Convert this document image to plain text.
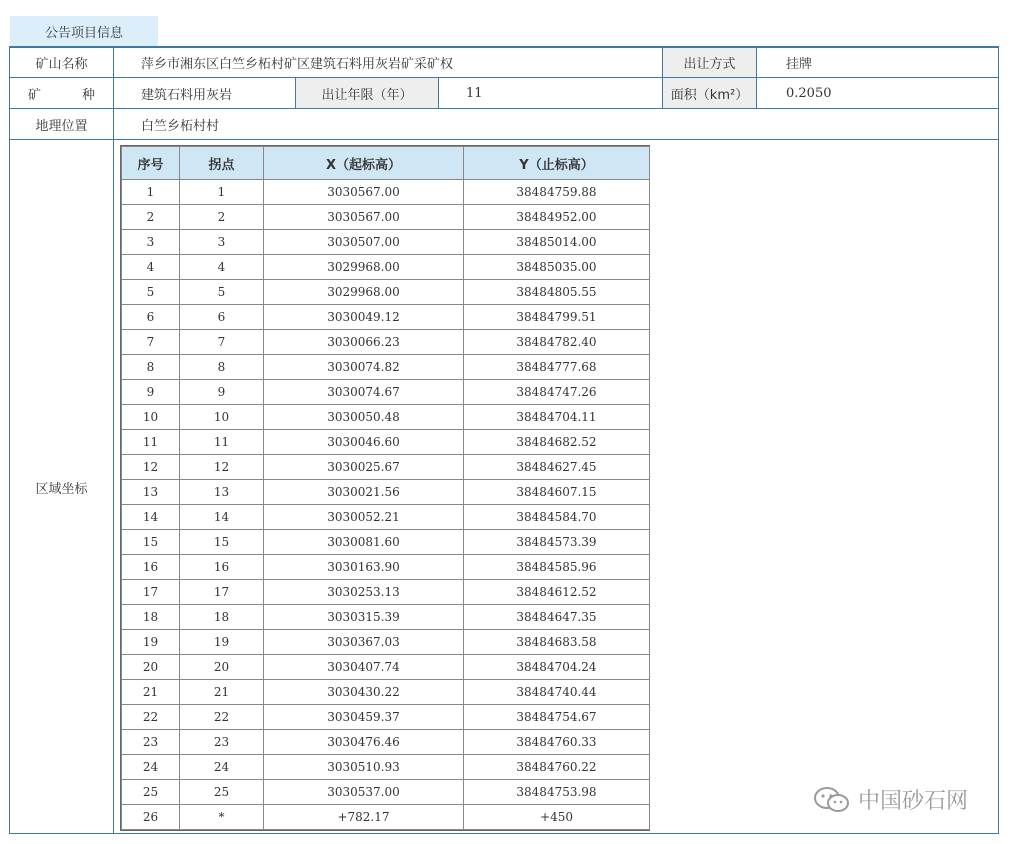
公告项目信息
矿山名称	萍乡市湘东区白竺乡柘村矿区建筑石料用灰岩矿采矿权	出让方式	挂牌
矿	种	建筑石料用灰岩	出让年限（年）	11	面积（km²）	0.2050
地理位置	白竺乡柘村村
区域坐标
序号	拐点	X（起标高）	Y（止标高）
1	1	3030567.00	38484759.88
2	2	3030567.00	38484952.00
3	3	3030507.00	38485014.00
4	4	3029968.00	38485035.00
5	5	3029968.00	38484805.55
6	6	3030049.12	38484799.51
7	7	3030066.23	38484782.40
8	8	3030074.82	38484777.68
9	9	3030074.67	38484747.26
10	10	3030050.48	38484704.11
11	11	3030046.60	38484682.52
12	12	3030025.67	38484627.45
13	13	3030021.56	38484607.15
14	14	3030052.21	38484584.70
15	15	3030081.60	38484573.39
16	16	3030163.90	38484585.96
17	17	3030253.13	38484612.52
18	18	3030315.39	38484647.35
19	19	3030367.03	38484683.58
20	20	3030407.74	38484704.24
21	21	3030430.22	38484740.44
22	22	3030459.37	38484754.67
23	23	3030476.46	38484760.33
24	24	3030510.93	38484760.22
25	25	3030537.00	38484753.98
26	*	+782.17	+450
中国砂石网
